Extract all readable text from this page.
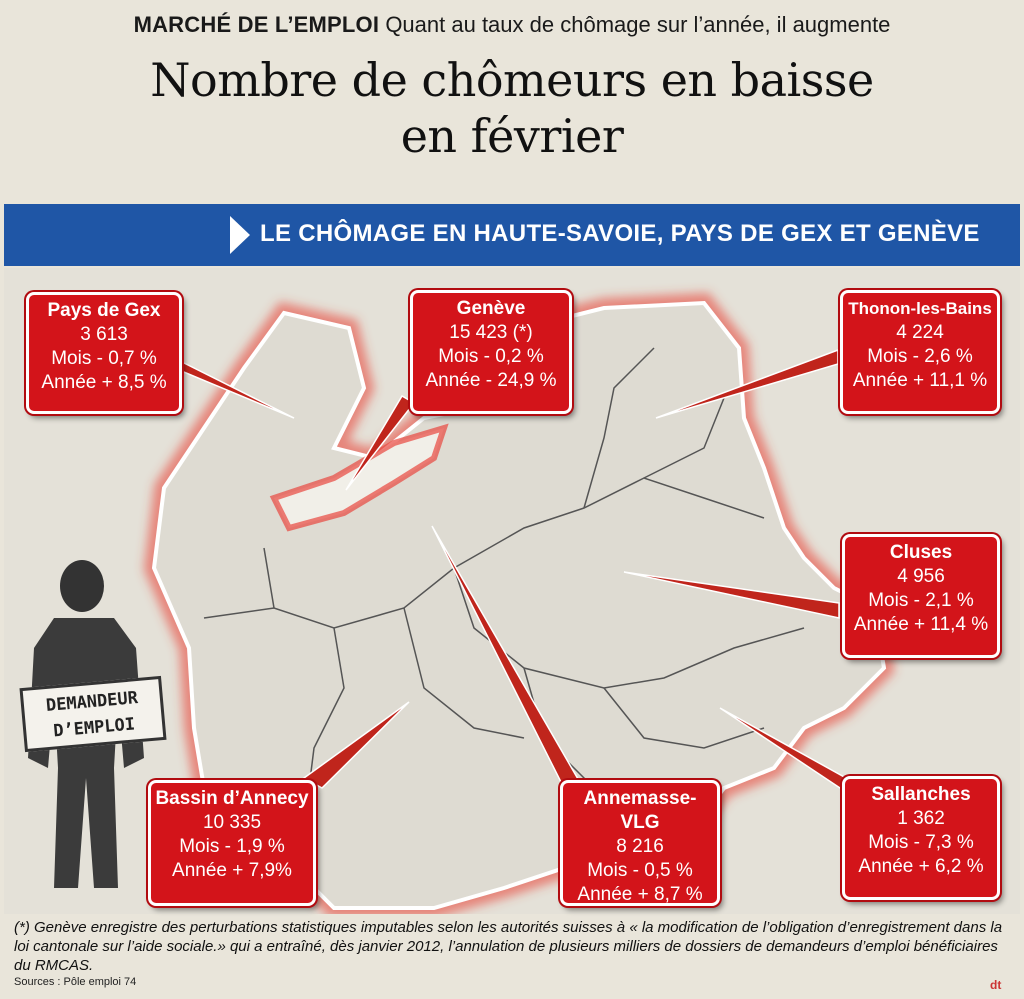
MARCHÉ DE L’EMPLOI Quant au taux de chômage sur l’année, il augmente
Nombre de chômeurs en baisse
en février
LE CHÔMAGE EN HAUTE-SAVOIE, PAYS DE GEX ET GENÈVE
DEMANDEUR
D’EMPLOI
Pays de Gex
3 613
Mois - 0,7 %
Année + 8,5 %
Genève
15 423 (*)
Mois - 0,2 %
Année - 24,9 %
Thonon-les-Bains
4 224
Mois - 2,6 %
Année + 11,1 %
Cluses
4 956
Mois - 2,1 %
Année + 11,4 %
Bassin d’Annecy
10 335
Mois - 1,9 %
Année + 7,9%
Annemasse- VLG
8 216
Mois - 0,5 %
Année + 8,7 %
Sallanches
1 362
Mois - 7,3 %
Année + 6,2 %
(*) Genève enregistre des perturbations statistiques imputables selon les autorités suisses à « la modification de l’obligation d’enregistrement dans la loi cantonale sur l’aide sociale.» qui a entraîné, dès janvier 2012, l’annulation de plusieurs milliers de dossiers de demandeurs d’emploi bénéficiaires du RMCAS.
Sources : Pôle emploi 74	dt
